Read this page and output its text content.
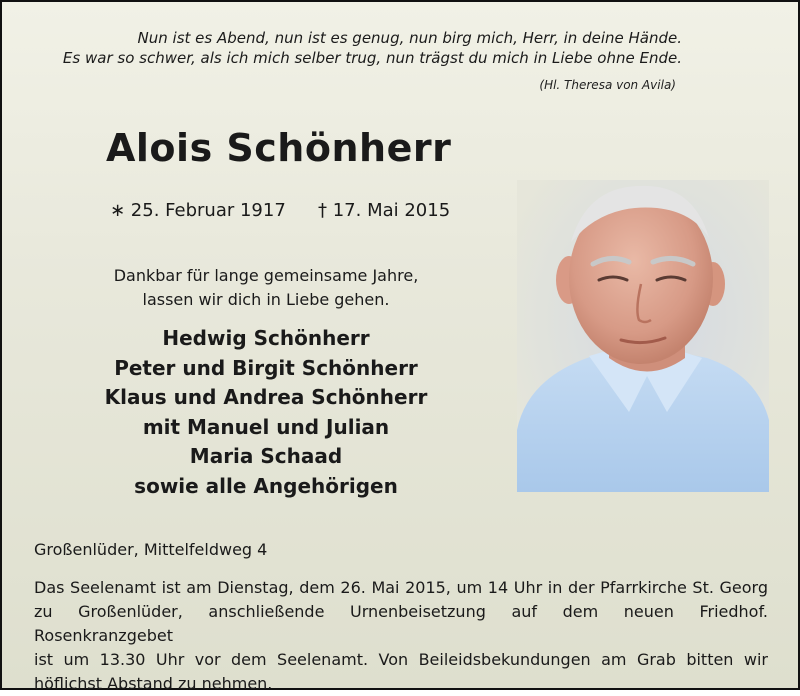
Nun ist es Abend, nun ist es genug, nun birg mich, Herr, in deine Hände.
Es war so schwer, als ich mich selber trug, nun trägst du mich in Liebe ohne Ende.
(Hl. Theresa von Avila)
Alois Schönherr
∗ 25. Februar 1917 † 17. Mai 2015
Dankbar für lange gemeinsame Jahre,
lassen wir dich in Liebe gehen.
Hedwig Schönherr
Peter und Birgit Schönherr
Klaus und Andrea Schönherr
mit Manuel und Julian
Maria Schaad
sowie alle Angehörigen
Großenlüder, Mittelfeldweg 4
Das Seelenamt ist am Dienstag, dem 26. Mai 2015, um 14 Uhr in der Pfarrkirche St. Georg
zu Großenlüder, anschließende Urnenbeisetzung auf dem neuen Friedhof. Rosenkranzgebet
ist um 13.30 Uhr vor dem Seelenamt. Von Beileidsbekundungen am Grab bitten wir
höflichst Abstand zu nehmen.
